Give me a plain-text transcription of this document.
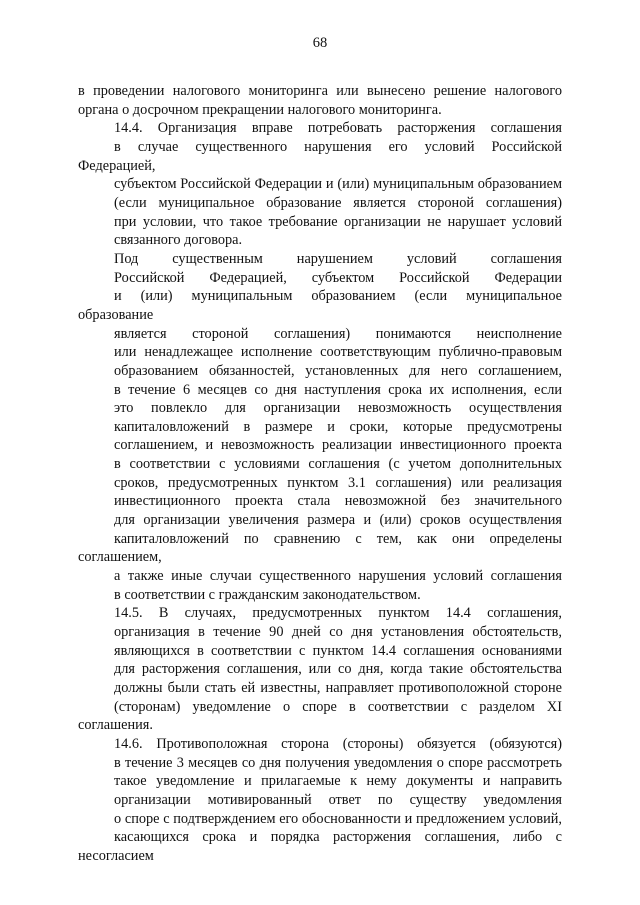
68
в проведении налогового мониторинга или вынесено решение налогового
органа о досрочном прекращении налогового мониторинга.
14.4. Организация вправе потребовать расторжения соглашения
в случае существенного нарушения его условий Российской Федерацией,
субъектом Российской Федерации и (или) муниципальным образованием
(если муниципальное образование является стороной соглашения)
при условии, что такое требование организации не нарушает условий
связанного договора.
Под существенным нарушением условий соглашения
Российской Федерацией, субъектом Российской Федерации
и (или) муниципальным образованием (если муниципальное образование
является стороной соглашения) понимаются неисполнение
или ненадлежащее исполнение соответствующим публично-правовым
образованием обязанностей, установленных для него соглашением,
в течение 6 месяцев со дня наступления срока их исполнения, если
это повлекло для организации невозможность осуществления
капиталовложений в размере и сроки, которые предусмотрены
соглашением, и невозможность реализации инвестиционного проекта
в соответствии с условиями соглашения (с учетом дополнительных
сроков, предусмотренных пунктом 3.1 соглашения) или реализация
инвестиционного проекта стала невозможной без значительного
для организации увеличения размера и (или) сроков осуществления
капиталовложений по сравнению с тем, как они определены соглашением,
а также иные случаи существенного нарушения условий соглашения
в соответствии с гражданским законодательством.
14.5. В случаях, предусмотренных пунктом 14.4 соглашения,
организация в течение 90 дней со дня установления обстоятельств,
являющихся в соответствии с пунктом 14.4 соглашения основаниями
для расторжения соглашения, или со дня, когда такие обстоятельства
должны были стать ей известны, направляет противоположной стороне
(сторонам) уведомление о споре в соответствии с разделом XI соглашения.
14.6. Противоположная сторона (стороны) обязуется (обязуются)
в течение 3 месяцев со дня получения уведомления о споре рассмотреть
такое уведомление и прилагаемые к нему документы и направить
организации мотивированный ответ по существу уведомления
о споре с подтверждением его обоснованности и предложением условий,
касающихся срока и порядка расторжения соглашения, либо с несогласием
